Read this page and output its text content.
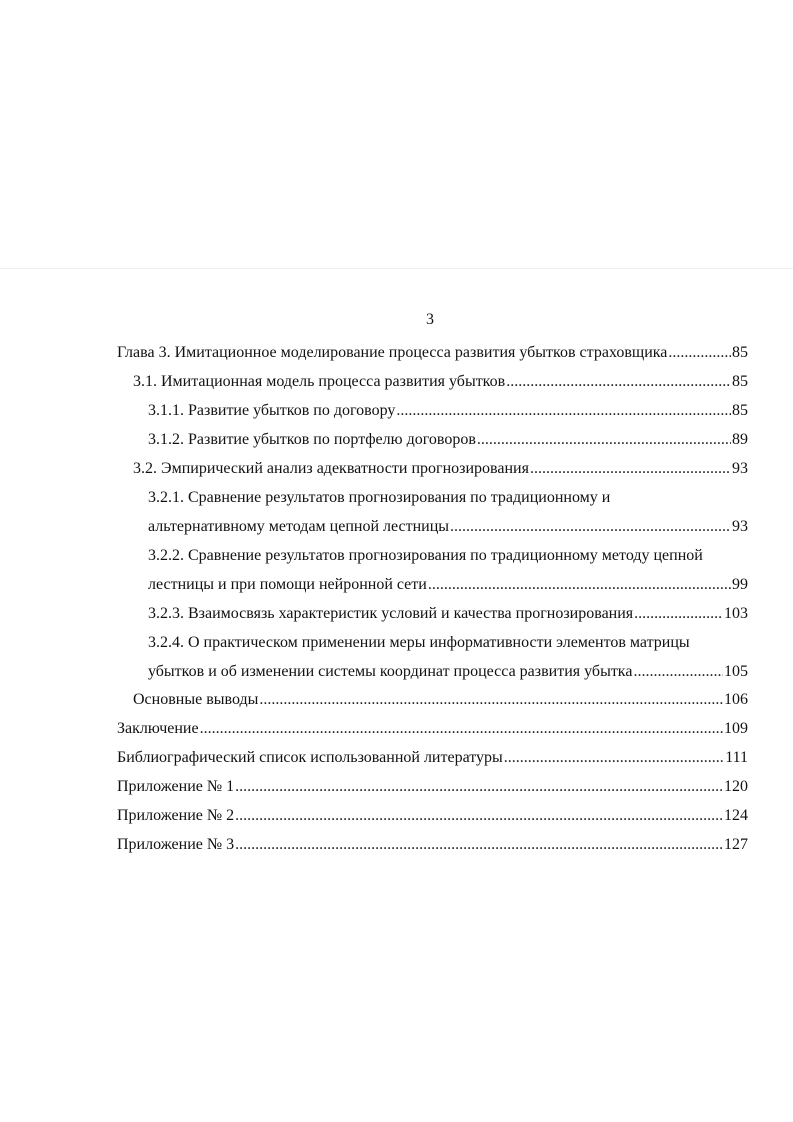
3
Глава 3. Имитационное моделирование процесса развития убытков страховщика .....	85
3.1. Имитационная модель процесса развития убытков .....	85
3.1.1. Развитие убытков по договору .....	85
3.1.2. Развитие убытков по портфелю договоров .....	89
3.2. Эмпирический анализ адекватности прогнозирования .....	93
3.2.1. Сравнение результатов прогнозирования по традиционному и
альтернативному методам цепной лестницы .....	93
3.2.2. Сравнение результатов прогнозирования по традиционному методу цепной
лестницы и при помощи нейронной сети .....	99
3.2.3. Взаимосвязь характеристик условий и качества прогнозирования .....	103
3.2.4. О практическом применении меры информативности элементов матрицы
убытков и об изменении системы координат процесса развития убытка .....	105
Основные выводы .....	106
Заключение .....	109
Библиографический список использованной литературы .....	111
Приложение № 1 .....	120
Приложение № 2 .....	124
Приложение № 3 .....	127
